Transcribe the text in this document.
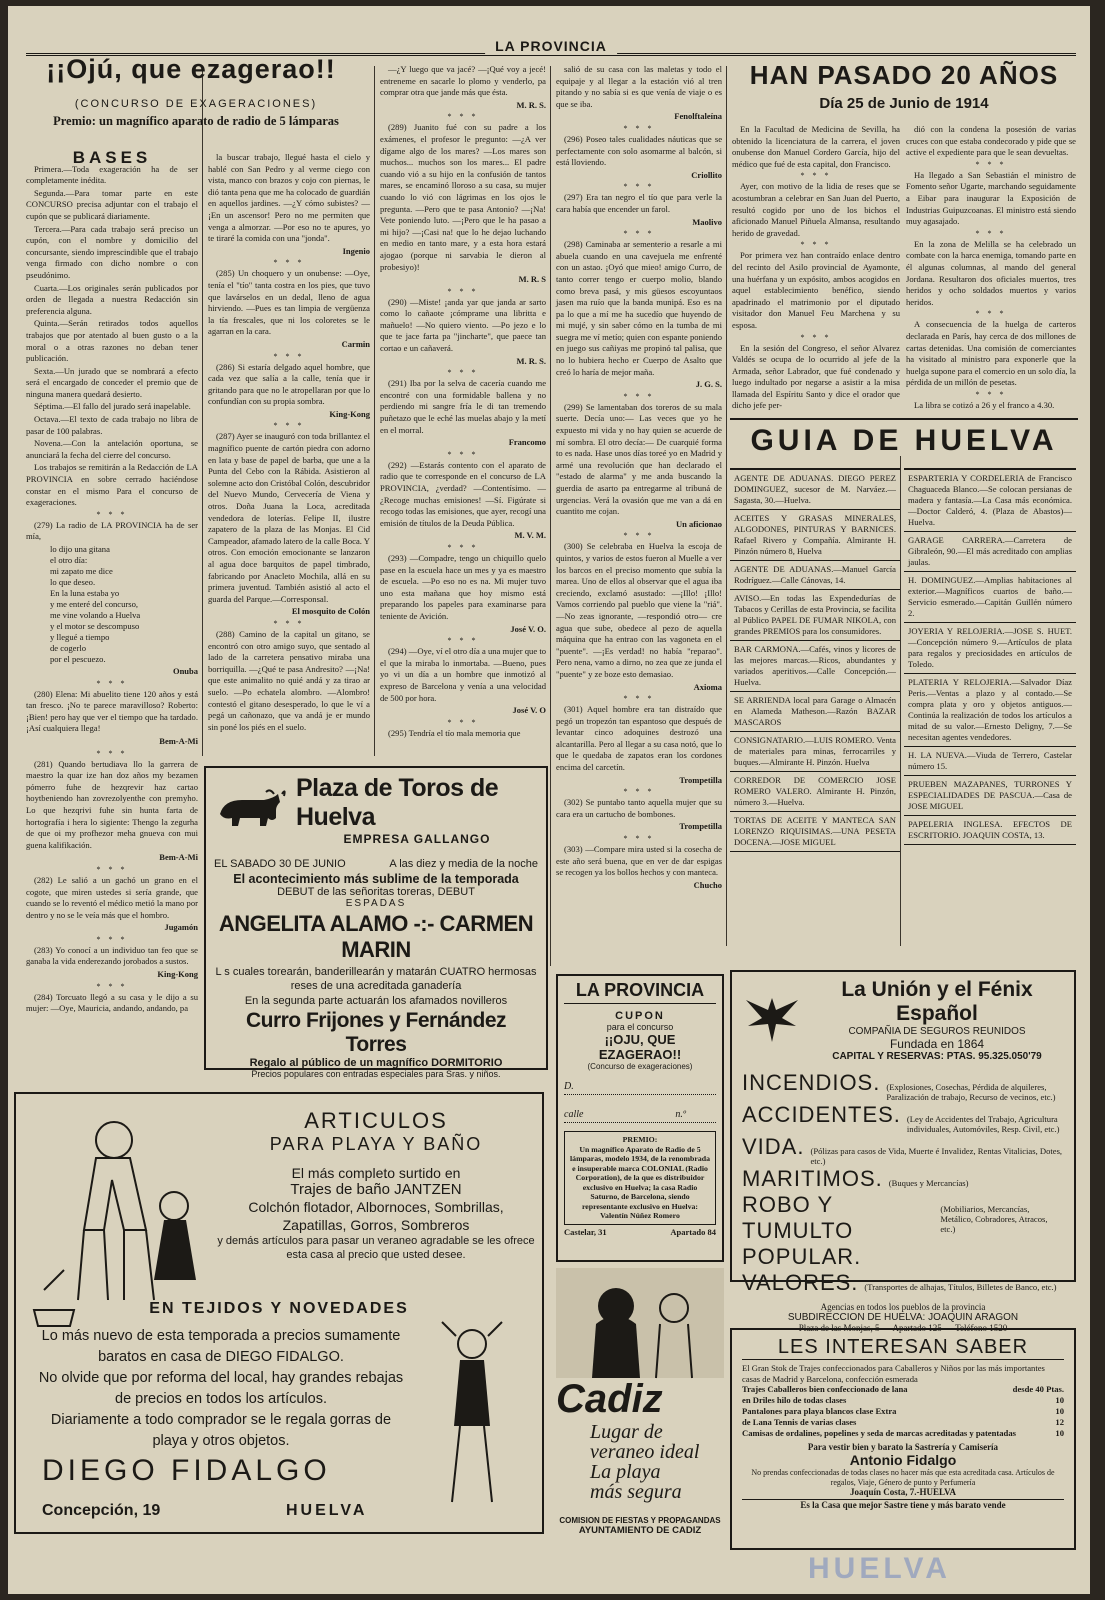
LA PROVINCIA
¡¡Ojú, que ezagerao!!
(CONCURSO DE EXAGERACIONES)
Premio: un magnífico aparato de radio de 5 lámparas
BASES

Primera.—Toda exageración ha de ser completamente inédita.

Segunda.—Para tomar parte en este CONCURSO precisa adjuntar con el trabajo el cupón que se publicará diariamente.

Tercera.—Para cada trabajo será preciso un cupón, con el nombre y domicilio del concursante, siendo imprescindible que el trabajo venga firmado con dicho nombre o con pseudónimo.

Cuarta.—Los originales serán publicados por orden de llegada a nuestra Redacción sin preferencia alguna.

Quinta.—Serán retirados todos aquellos trabajos que por atentado al buen gusto o a la moral o a otras razones no deban tener publicación.

Sexta.—Un jurado que se nombrará a efecto será el encargado de conceder el premio que de ninguna manera quedará desierto.

Séptima.—El fallo del jurado será inapelable.

Octava.—El texto de cada trabajo no libra de pasar de 100 palabras.

Novena.—Con la antelación oportuna, se anunciará la fecha del cierre del concurso.

Los trabajos se remitirán a la Redacción de LA PROVINCIA en sobre cerrado haciéndose constar en el mismo Para el concurso de exageraciones.

* * *

(279) La radio de LA PROVINCIA ha de ser mía,

lo dijo una gitana
el otro día:
mi zapato me dice
lo que deseo.
En la luna estaba yo
y me enteré del concurso,
me vine volando a Huelva
y el motor se descompuso
y llegué a tiempo
de cogerlo
por el pescuezo.
Onuba
* * *

(280) Elena: Mi abuelito tiene 120 años y está tan fresco. ¡No te parece maravilloso? Roberto: ¡Bien! pero hay que ver el tiempo que ha tardado. ¡Así cualquiera llega!

Bem-A-Mi
* * *

(281) Quando bertudiava llo la garrera de maestro la quar ize han doz años my bezamen pómerro fuhe de hezqrevir haz cartao hoytbeniendo han zovrezolyenthe con premyho. Lo que hezqrivi fuhe sin hunta farta de hortografía i hera lo sigiente: Thengo la zegurha de que oi my profhezor meha gnueva con mui guena kalifikación.

Bem-A-Mi
* * *

(282) Le salió a un gachó un grano en el cogote, que miren ustedes si sería grande, que cuando se lo reventó el médico metió la mano por dentro y no se le veía más que el hombro.

Jugamón
* * *

(283) Yo conocí a un individuo tan feo que se ganaba la vida enderezando jorobados a sustos.

King-Kong
* * *

(284) Torcuato llegó a su casa y le dijo a su mujer: —Oye, Mauricia, andando, andando, pa

la buscar trabajo, llegué hasta el cielo y hablé con San Pedro y al verme ciego con vista, manco con brazos y cojo con piernas, le dió tanta pena que me ha colocado de guardián en aquellos jardines. —¿Y cómo subistes? —¡En un ascensor! Pero no me permiten que venga a almorzar. —Por eso no te apures, yo te tiraré la comida con una "jonda".

Ingenio
* * *

(285) Un choquero y un onubense: —Oye, tenía el "tío" tanta costra en los pies, que tuvo que lavárselos en un dedal, lleno de agua hirviendo. —Pues es tan limpia de vergüenza la tía frescales, que ni los coloretes se le agarran en la cara.

Carmin
* * *

(286) Si estaría delgado aquel hombre, que cada vez que salía a la calle, tenía que ir gritando para que no le atropellaran por que lo confundían con su propia sombra.

King-Kong
* * *

(287) Ayer se inauguró con toda brillantez el magnífico puente de cartón piedra con adorno en lata y base de papel de barba, que une a la Punta del Cebo con la Rábida. Asistieron al solemne acto don Cristóbal Colón, descubridor del Nuevo Mundo, Cervecería de Viena y otros. Doña Juana la Loca, acreditada vendedora de loterías. Felipe II, ilustre zapatero de la plaza de las Monjas. El Cid Campeador, afamado latero de la calle Boca. Y otros. Con emoción emocionante se lanzaron al agua doce barquitos de papel timbrado, fabricando por Anacleto Mochila, allá en su primera juventud. También asistió al acto el guarda del Parque.—Corresponsal.

El mosquito de Colón
* * *

(288) Camino de la capital un gitano, se encontró con otro amigo suyo, que sentado al lado de la carretera pensativo miraba una borriquilla. —¿Qué te pasa Andresito? —¡Na! que este animalito no quié andá y za tirao ar suelo. —Po echatela alombro. —Alombro! contestó el gitano desesperado, lo que le ví a pegá un cañonazo, que va andá je er mundo sin poné los piés en el suelo.

—¿Y luego que va jacé? —¡Qué voy a jecé! entreneme en sacarle lo plomo y venderlo, pa comprar otra que jande más que ésta.

M. R. S.
* * *

(289) Juanito fué con su padre a los exámenes, el profesor le pregunto: —¿A ver dígame algo de los mares? —Los mares son muchos... muchos son los mares... El padre cuando vió a su hijo en la confusión de tantos mares, se encaminó lloroso a su casa, su mujer cuando lo vió con lágrimas en los ojos le pregunta. —Pero que te pasa Antonio? —¡Na! Vete poniendo luto. —¡Pero que le ha pasao a mi hijo? —¡Casi na! que lo he dejao luchando en medio en tanto mare, y a esta hora estará ajogao (porque ni sarvabia le dieron al probesiyo)!

M. R. S
* * *

(290) —Miste! ¡anda yar que janda ar sarto como lo cañaote ¡cómprame una libritta e mañuelo! —No quiero viento. —Po jezo e lo que te jace farta pa "jincharte", que paece tan cortao e un cañaverá.

M. R. S.
* * *

(291) Iba por la selva de cacería cuando me encontré con una formidable ballena y no perdiendo mi sangre fría le di tan tremendo puñetazo que le eché las muelas abajo y la metí en el morral.

Francomo
* * *

(292) —Estarás contento con el aparato de radio que te corresponde en el concurso de LA PROVINCIA, ¿verdad? —Contentísimo. —¿Recoge muchas emisiones! —Sí. Figúrate si recogo todas las emisiones, que ayer, recogí una emisión de títulos de la Deuda Pública.

M. V. M.
* * *

(293) —Compadre, tengo un chiquillo quelo pase en la escuela hace un mes y ya es maestro de escuela. —Po eso no es na. Mi mujer tuvo uno esta mañana que hoy mismo está preparando los papeles para examinarse para teniente de Avición.

José V. O.
* * *

(294) —Oye, ví el otro día a una mujer que to el que la miraba lo inmortaba. —Bueno, pues yo vi un día a un hombre que inmotizó al expreso de Barcelona y venía a una velocidad de 500 por hora.

José V. O
* * *

(295) Tendría el tío mala memoria que

salió de su casa con las maletas y todo el equipaje y al llegar a la estación vió al tren pitando y no sabía si es que venía de viaje o es que se iba.

Fenolftaleína
* * *

(296) Poseo tales cualidades náuticas que se perfectamente con solo asomarme al balcón, si está lloviendo.

Criollito
* * *

(297) Era tan negro el tío que para verle la cara había que encender un farol.

Maolivo
* * *

(298) Caminaba ar sementerio a resarle a mi abuela cuando en una cavejuela me enfrenté con un astao. ¡Oyó que mieo! amigo Curro, de tanto correr tengo er cuerpo molio, blando como breva pasá, y mis güesos escoyuntaos jasen ma ruío que la banda munipá. Eso es na pa lo que a mí me ha sucedío que huyendo de mi mujé, y sin saber cómo en la tumba de mi suegra me ví metío; quien con espante poniendo en juego sus cañiyas me propinó tal palisa, que no lo hubiera hecho er Cuerpo de Asalto que creó lo haría de mejor maña.

J. G. S.
* * *

(299) Se lamentaban dos toreros de su mala suerte. Decía uno:— Las veces que yo he expuesto mi vida y no hay quien se acuerde de mí sombra. El otro decía:— De cuarquié forma to es nada. Hase unos días toreé yo en Madrid y armé una revolución que han declarado el "estado de alarma" y me anda buscando la guerdia de asarto pa entregarme al tribuná de urgencias. Verá la ovasión que me van a dá en cuantito me cojan.

Un aficionao
* * *

(300) Se celebraba en Huelva la escoja de quintos, y varios de estos fueron al Muelle a ver los barcos en el preciso momento que subía la marea. Uno de ellos al observar que el agua iba creciendo, exclamó asustado: —¡Illo! ¡Illo! Vamos corriendo pal pueblo que viene la "riá". —No zeas ignorante, —respondió otro— cre agua que sube, obedece al pezo de aquella máquina que ha entrao con las vagoneta en el "puente". —¡Es verdad! no había "reparao". Pero nena, vamo a dirno, no zea que ze junda el "puente" y ze boze esto demasiao.

Axioma
* * *

(301) Aquel hombre era tan distraído que pegó un tropezón tan espantoso que después de levantar cinco adoquines destrozó una alcantarilla. Pero al llegar a su casa notó, que lo que le quedaba de zapatos eran los cordones encima del carcetín.

Trompetilla
* * *

(302) Se puntabo tanto aquella mujer que su cara era un cartucho de bombones.

Trompetilla
* * *

(303) —Compare mira usted si la cosecha de este año será buena, que en ver de dar espigas se recogen ya los bollos hechos y con manteca.

Chucho
HAN PASADO 20 AÑOS
Día 25 de Junio de 1914

En la Facultad de Medicina de Sevilla, ha obtenido la licenciatura de la carrera, el joven onubense don Manuel Cordero García, hijo del médico que fué de esta capital, don Francisco.

* * *

Ayer, con motivo de la lidia de reses que se acostumbran a celebrar en San Juan del Puerto, resultó cogido por uno de los bichos el aficionado Manuel Piñuela Almansa, resultando herido de gravedad.

* * *

Por primera vez han contraído enlace dentro del recinto del Asilo provincial de Ayamonte, una huérfana y un expósito, ambos acogidos en aquel establecimiento benéfico, siendo apadrinado el matrimonio por el diputado visitador don Manuel Feu Marchena y su esposa.

* * *

En la sesión del Congreso, el señor Alvarez Valdés se ocupa de lo ocurrido al jefe de la Armada, señor Labrador, que fué condenado y luego indultado por negarse a asistir a la misa llamada del Espíritu Santo y dice el orador que dicho jefe per-

dió con la condena la posesión de varias cruces con que estaba condecorado y pide que se active el expediente para que le sean devueltas.

* * *

Ha llegado a San Sebastián el ministro de Fomento señor Ugarte, marchando seguidamente a Eibar para inaugurar la Exposición de Industrias Guipuzcoanas. El ministro está siendo muy agasajado.

* * *

En la zona de Melilla se ha celebrado un combate con la harca enemiga, tomando parte en él algunas columnas, al mando del general Jordana. Resultaron dos oficiales muertos, tres heridos y ocho soldados muertos y varios heridos.

* * *

A consecuencia de la huelga de carteros declarada en París, hay cerca de dos millones de cartas detenidas. Una comisión de comerciantes ha visitado al ministro para exponerle que la huelga supone para el comercio en un solo día, la pérdida de un millón de pesetas.

* * *

La libra se cotizó a 26 y el franco a 4.30.

GUIA DE HUELVA
AGENTE DE ADUANAS. DIEGO PEREZ DOMINGUEZ, sucesor de M. Narváez.—Sagasta, 30.—Huelva.
ACEITES Y GRASAS MINERALES, ALGODONES, PINTURAS Y BARNICES. Rafael Rivero y Compañía. Almirante H. Pinzón número 8, Huelva
AGENTE DE ADUANAS.—Manuel García Rodríguez.—Calle Cánovas, 14.
AVISO.—En todas las Expendedurías de Tabacos y Cerillas de esta Provincia, se facilita al Público PAPEL DE FUMAR NIKOLA, con grandes PREMIOS para los consumidores.
BAR CARMONA.—Cafés, vinos y licores de las mejores marcas.—Ricos, abundantes y variados aperitivos.—Calle Concepción.—Huelva.
SE ARRIENDA local para Garage o Almacén en Alameda Matheson.—Razón BAZAR MASCAROS
CONSIGNATARIO.—LUIS ROMERO. Venta de materiales para minas, ferrocarriles y buques.—Almirante H. Pinzón. Huelva
CORREDOR DE COMERCIO JOSE ROMERO VALERO. Almirante H. Pinzón, número 3.—Huelva.
TORTAS DE ACEITE Y MANTECA SAN LORENZO RIQUISIMAS.—UNA PESETA DOCENA.—JOSE MIGUEL
ESPARTERIA Y CORDELERIA de Francisco Chaguaceda Blanco.—Se colocan persianas de madera y fantasía.—La Casa más económica.—Doctor Calderó, 4. (Plaza de Abastos)—Huelva.
GARAGE CARRERA.—Carretera de Gibraleón, 90.—El más acreditado con amplias jaulas.
H. DOMINGUEZ.—Amplias habitaciones al exterior.—Magníficos cuartos de baño.—Servicio esmerado.—Capitán Guillén número 2.
JOYERIA Y RELOJERIA.—JOSE S. HUET.—Concepción número 9.—Artículos de plata para regalos y preciosidades en artículos de Toledo.
PLATERIA Y RELOJERIA.—Salvador Díaz Peris.—Ventas a plazo y al contado.—Se compra plata y oro y objetos antiguos.—Continúa la realización de todos los artículos a mitad de su valor.—Ernesto Deligny, 7.—Se necesitan agentes vendedores.
H. LA NUEVA.—Viuda de Terrero, Castelar número 15.
PRUEBEN MAZAPANES, TURRONES Y ESPECIALIDADES DE PASCUA.—Casa de JOSE MIGUEL
PAPELERIA INGLESA. EFECTOS DE ESCRITORIO. JOAQUIN COSTA, 13.
Plaza de Toros de Huelva
EMPRESA GALLANGO
EL SABADO 30 DE JUNIO	A las diez y media de la noche
El acontecimiento más sublime de la temporada
DEBUT de las señoritas toreras, DEBUT
ESPADAS
ANGELITA ALAMO -:- CARMEN MARIN
L s cuales torearán, banderillearán y matarán CUATRO hermosas reses de una acreditada ganadería
En la segunda parte actuarán los afamados novilleros
Curro Frijones y Fernández Torres
Regalo al público de un magnífico DORMITORIO
Precios populares con entradas especiales para Sras. y niños.
ARTICULOS
PARA PLAYA Y BAÑO
El más completo surtido en
Trajes de baño JANTZEN
Colchón flotador, Albornoces, Sombrillas, Zapatillas, Gorros, Sombreros
y demás artículos para pasar un veraneo agradable se les ofrece esta casa al precio que usted desee.
EN TEJIDOS Y NOVEDADES
Lo más nuevo de esta temporada a precios sumamente baratos en casa de DIEGO FIDALGO.
No olvide que por reforma del local, hay grandes rebajas de precios en todos los artículos.
Diariamente a todo comprador se le regala gorras de playa y otros objetos.
DIEGO FIDALGO
Concepción, 19	HUELVA
LA PROVINCIA
CUPON
para el concurso
¡¡OJU, QUE EZAGERAO!!
(Concurso de exageraciones)
D.
calle	n.º
PREMIO:
Un magnífico Aparato de Radio de 5 lámparas, modelo 1934, de la renombrada e insuperable marca COLONIAL (Radio Corporation), de la que es distribuidor exclusivo en Huelva; la casa Radio Saturno, de Barcelona, siendo representante exclusivo en Huelva: Valentín Núñez Romero
Castelar, 31	Apartado 84
Cadiz
Lugar de
veraneo ideal
La playa
más segura
COMISION DE FIESTAS Y PROPAGANDAS
AYUNTAMIENTO DE CADIZ
La Unión y el Fénix Español
COMPAÑIA DE SEGUROS REUNIDOS
Fundada en 1864
CAPITAL Y RESERVAS: PTAS. 95.325.050'79
INCENDIOS. (Explosiones, Cosechas, Pérdida de alquileres, Paralización de trabajo, Recurso de vecinos, etc.)
ACCIDENTES. (Ley de Accidentes del Trabajo, Agricultura individuales, Automóviles, Resp. Civil, etc.)
VIDA. (Pólizas para casos de Vida, Muerte é Invalidez, Rentas Vitalicias, Dotes, etc.)
MARITIMOS. (Buques y Mercancías)
ROBO Y TUMULTO POPULAR.
(Mobiliarios, Mercancías, Metálico, Cobradores, Atracos, etc.)
VALORES. (Transportes de alhajas, Títulos, Billetes de Banco, etc.)
Agencias en todos los pueblos de la provincia
SUBDIRECCION DE HUELVA: JOAQUIN ARAGON
Plaza de las Monjas, 5 — Apartado 125 — Teléfono 1520
LES INTERESAN SABER
El Gran Stok de Trajes confeccionados para Caballeros y Niños por las más importantes casas de Madrid y Barcelona, confección esmerada
Trajes Caballeros bien confeccionado de lana	desde 40 Ptas.
en Driles hilo de todas clases	10
Pantalones para playa blancos clase Extra	10
de Lana Tennis de varias clases	12
Camisas de ordalines, popelines y seda de marcas acreditadas y patentadas	10
Para vestir bien y barato la Sastrería y Camisería
Antonio Fidalgo
No prendas confeccionadas de todas clases no hacer más que esta acreditada casa. Artículos de regalos, Viaje, Género de punto y Perfumería
Joaquín Costa, 7.-HUELVA
Es la Casa que mejor Sastre tiene y más barato vende
HUELVA
